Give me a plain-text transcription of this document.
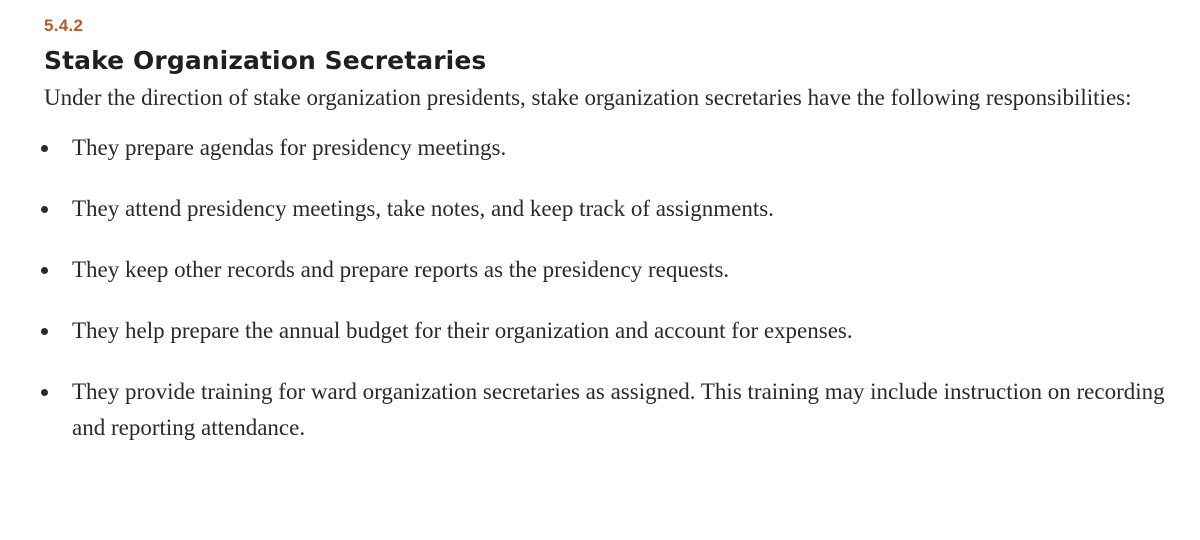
5.4.2
Stake Organization Secretaries

Under the direction of stake organization presidents, stake organization secretaries have the following responsibilities:

They prepare agendas for presidency meetings.
They attend presidency meetings, take notes, and keep track of assignments.
They keep other records and prepare reports as the presidency requests.
They help prepare the annual budget for their organization and account for expenses.
They provide training for ward organization secretaries as assigned. This training may include instruction on recording and reporting attendance.
